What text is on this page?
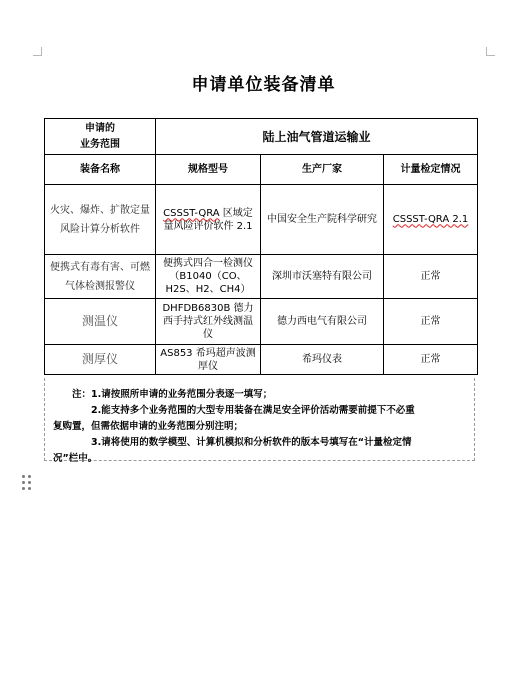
申请单位装备清单
申请的
业务范围	陆上油气管道运输业		
装备名称	规格型号	生产厂家	计量检定情况
火灾、爆炸、扩散定量风险计算分析软件	CSSST-QRA 区域定量风险评价软件 2.1	中国安全生产院科学研究	CSSST-QRA 2.1
便携式有毒有害、可燃气体检测报警仪	便携式四合一检测仪（B1040（CO、H2S、H2、CH4）	深圳市沃塞特有限公司	正常
测温仪	DHFDB6830B 德力西手持式红外线测温仪	德力西电气有限公司	正常
测厚仪	AS853 希玛超声波测厚仪	希玛仪表	正常
注：1.请按照所申请的业务范围分表逐一填写；
2.能支持多个业务范围的大型专用装备在满足安全评价活动需要前提下不必重
复购置，但需依据申请的业务范围分别注明；
3.请将使用的数学模型、计算机模拟和分析软件的版本号填写在“计量检定情
况”栏中。
